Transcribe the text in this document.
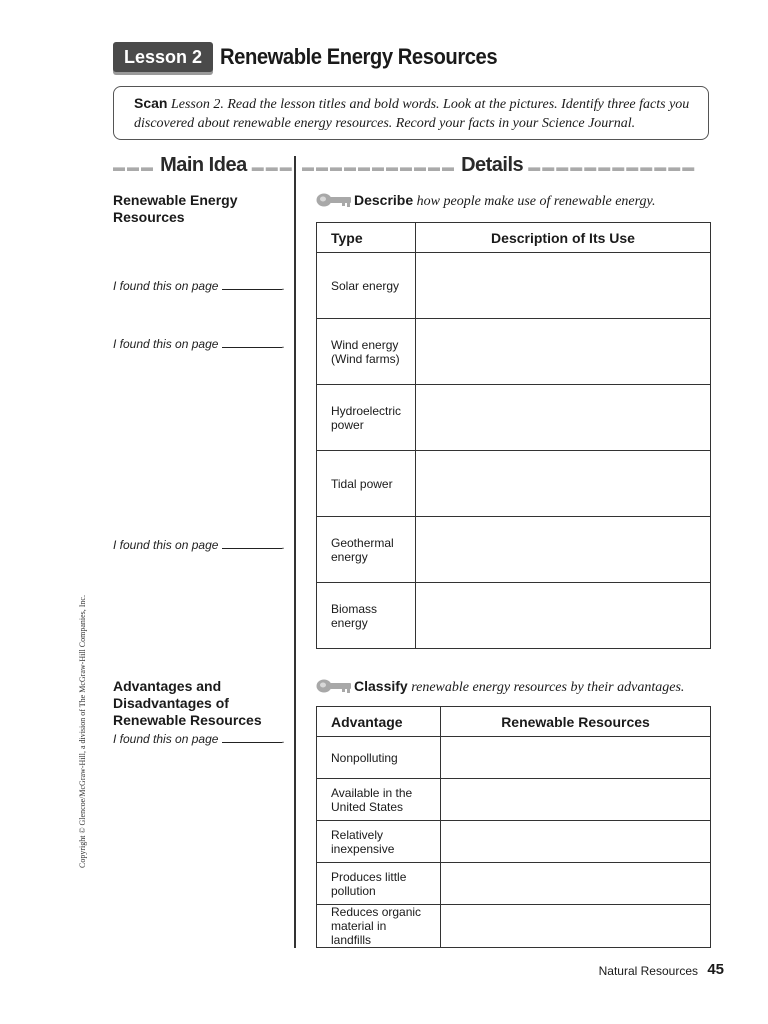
Lesson 2 Renewable Energy Resources
Scan Lesson 2. Read the lesson titles and bold words. Look at the pictures. Identify three facts you discovered about renewable energy resources. Record your facts in your Science Journal.
▬▬▬ Main Idea ▬▬▬ ▬▬▬▬▬▬▬▬▬▬▬ Details ▬▬▬▬▬▬▬▬▬▬▬▬
Renewable Energy Resources
I found this on page	.
I found this on page	.
I found this on page	.
Advantages and Disadvantages of Renewable Resources
I found this on page	.
Describe how people make use of renewable energy.
Type	Description of Its Use
Solar energy	
Wind energy (Wind farms)	
Hydroelectric power	
Tidal power	
Geothermal energy	
Biomass energy	
Classify renewable energy resources by their advantages.
Advantage	Renewable Resources
Nonpolluting	
Available in the United States	
Relatively inexpensive	
Produces little pollution	
Reduces organic material in landfills	
Copyright © Glencoe/McGraw-Hill, a division of The McGraw-Hill Companies, Inc.
Natural Resources 45
